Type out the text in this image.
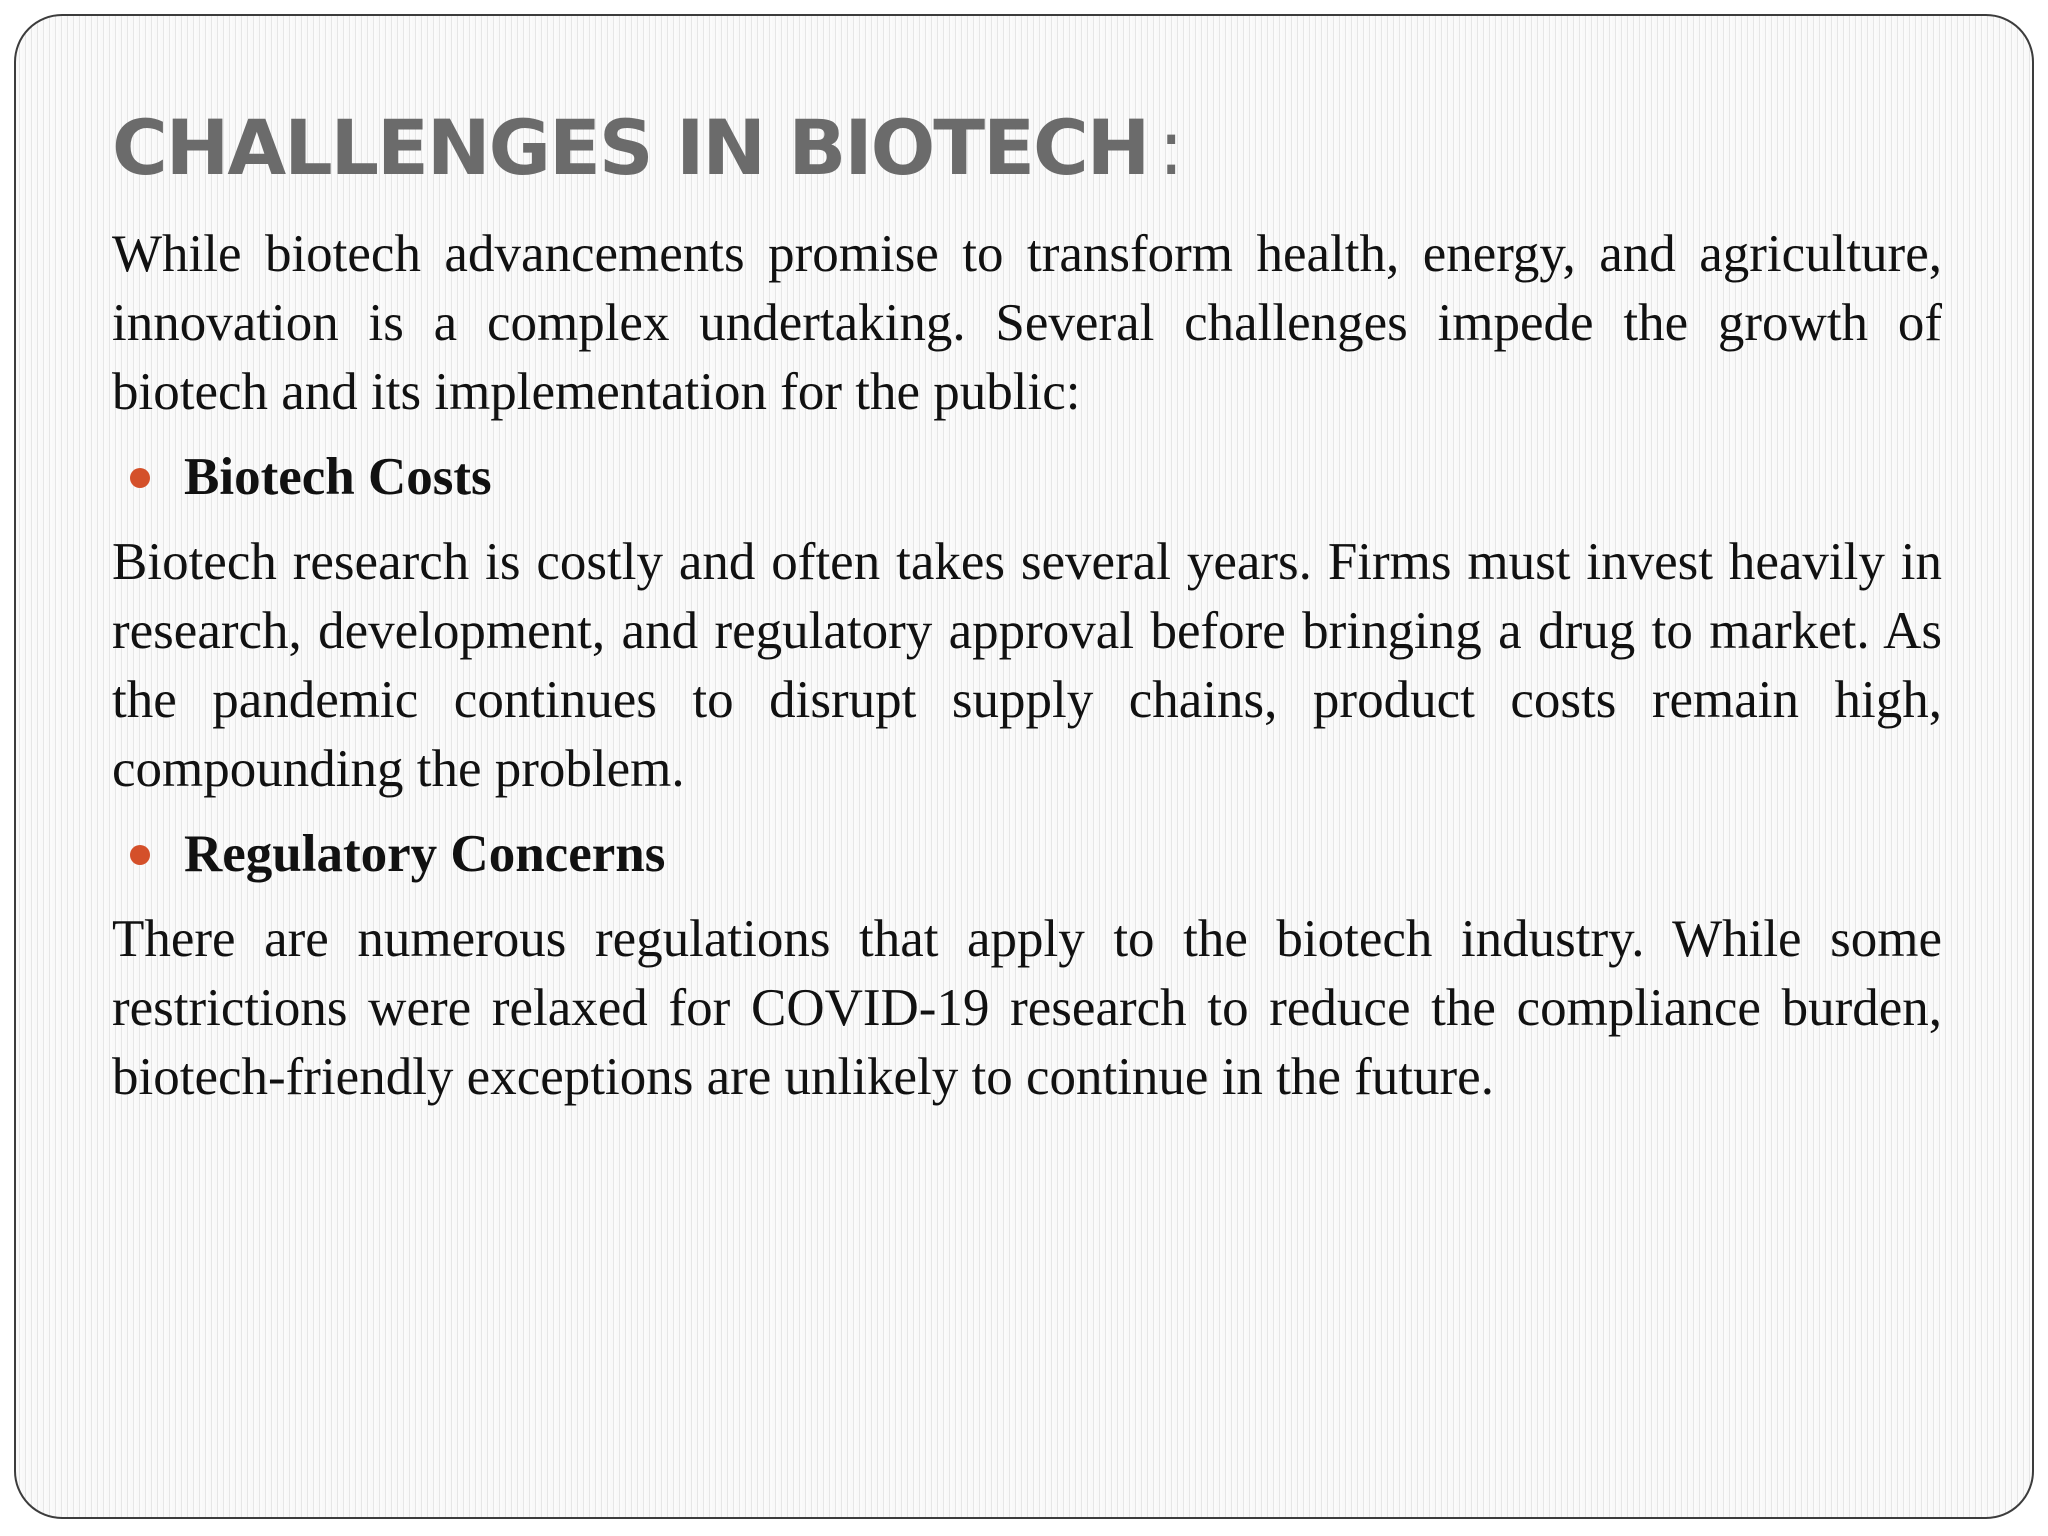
CHALLENGES IN BIOTECH :

While biotech advancements promise to transform health, energy, and agriculture, innovation is a complex undertaking. Several challenges impede the growth of biotech and its implementation for the public:

Biotech Costs

Biotech research is costly and often takes several years. Firms must invest heavily in research, development, and regulatory approval before bringing a drug to market. As the pandemic continues to disrupt supply chains, product costs remain high, compounding the problem.

Regulatory Concerns

There are numerous regulations that apply to the biotech industry. While some restrictions were relaxed for COVID-19 research to reduce the compliance burden, biotech-friendly exceptions are unlikely to continue in the future.
